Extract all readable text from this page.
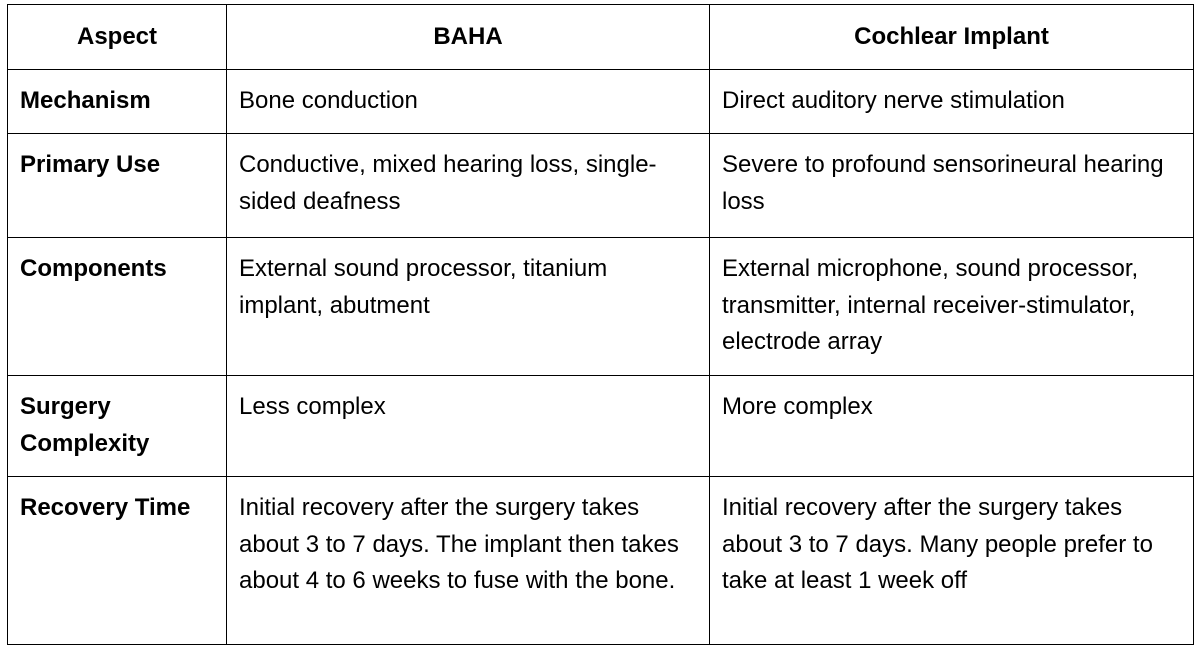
Aspect	BAHA	Cochlear Implant
Mechanism	Bone conduction	Direct auditory nerve stimulation
Primary Use	Conductive, mixed hearing loss, single-sided deafness	Severe to profound sensorineural hearing loss
Components	External sound processor, titanium implant, abutment	External microphone, sound processor, transmitter, internal receiver-stimulator, electrode array
Surgery Complexity	Less complex	More complex
Recovery Time	Initial recovery after the surgery takes about 3 to 7 days. The implant then takes about 4 to 6 weeks to fuse with the bone.	Initial recovery after the surgery takes about 3 to 7 days. Many people prefer to take at least 1 week off
